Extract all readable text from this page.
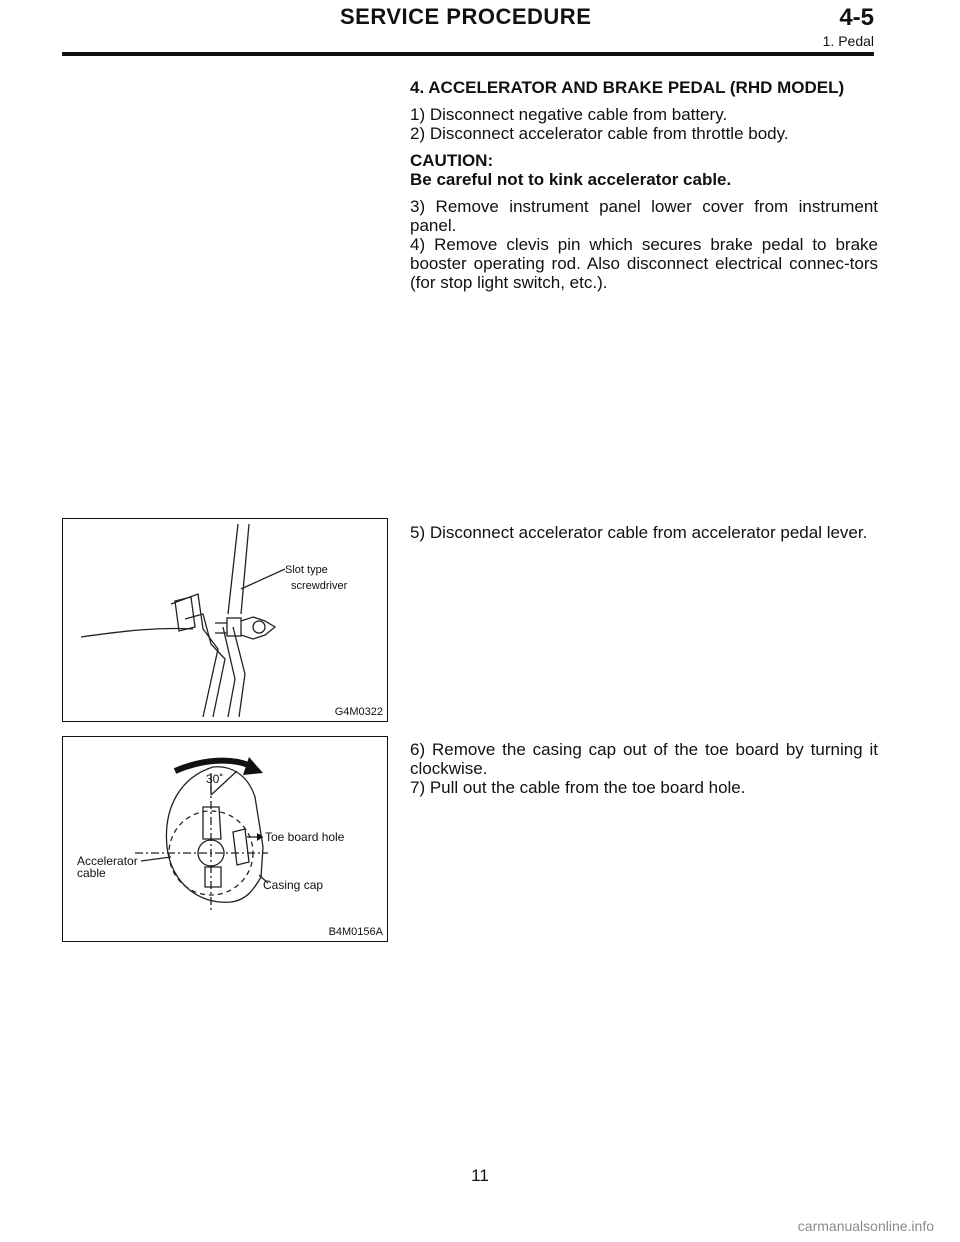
SERVICE PROCEDURE	4-5
1. Pedal

4. ACCELERATOR AND BRAKE PEDAL (RHD MODEL)

1) Disconnect negative cable from battery.

2) Disconnect accelerator cable from throttle body.

CAUTION:

Be careful not to kink accelerator cable.

3) Remove instrument panel lower cover from instrument panel.

4) Remove clevis pin which secures brake pedal to brake booster operating rod. Also disconnect electrical connec-tors (for stop light switch, etc.).

Slot type
screwdriver
G4M0322

5) Disconnect accelerator cable from accelerator pedal lever.

30˚
Toe board hole
Accelerator
cable
Casing cap
B4M0156A

6) Remove the casing cap out of the toe board by turning it clockwise.

7) Pull out the cable from the toe board hole.

11
carmanualsonline.info
